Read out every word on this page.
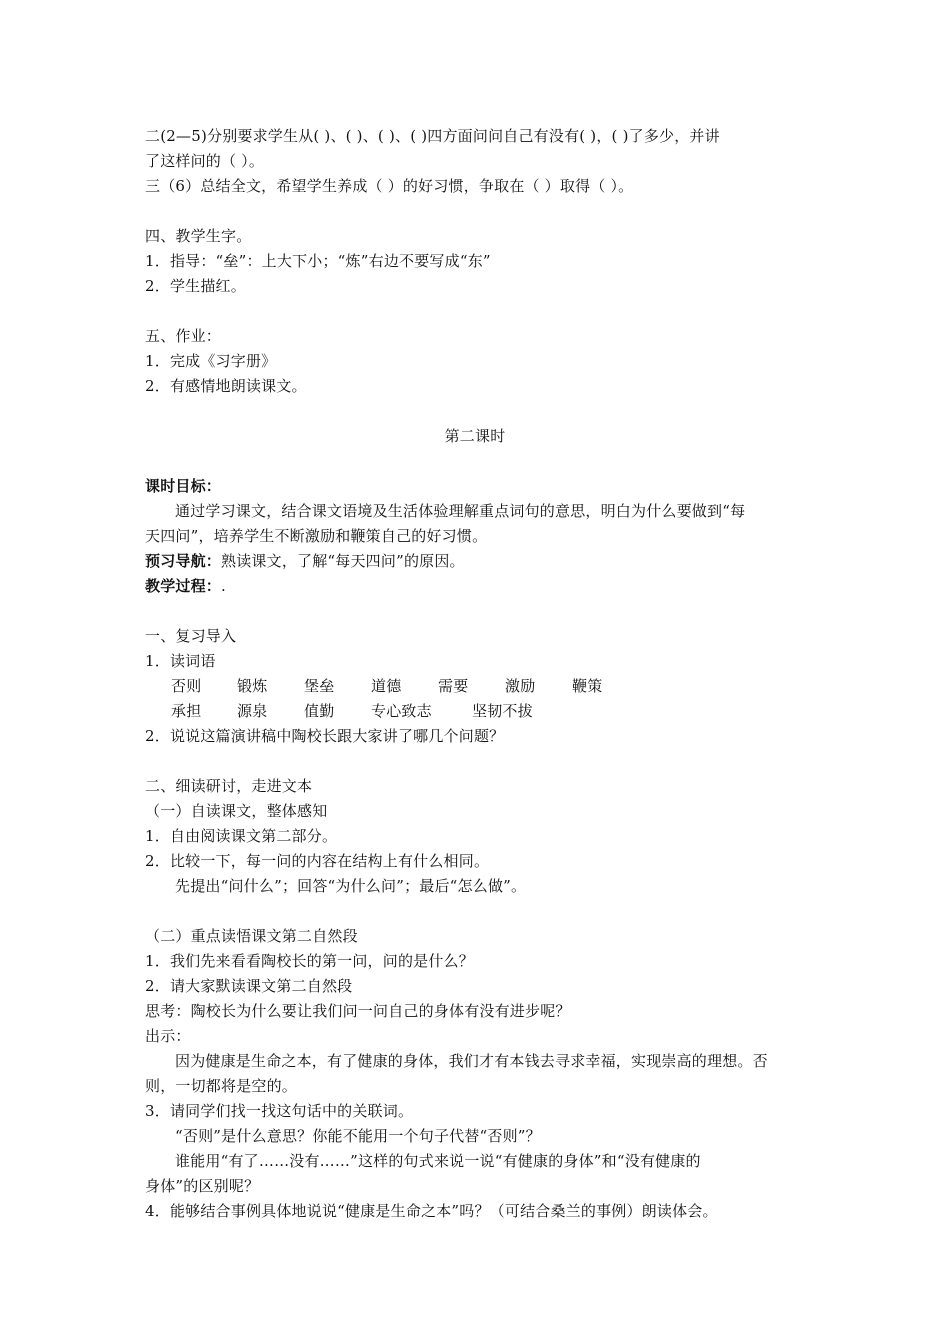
二(2—5)分别要求学生从( )、( )、( )、( )四方面问问自己有没有( )，( )了多少，并讲
了这样问的（ ）。
三（6）总结全文，希望学生养成（ ）的好习惯，争取在（ ）取得（ ）。
四、教学生字。
1．指导：“垒”：上大下小；“炼”右边不要写成“东”
2．学生描红。
五、作业：
1．完成《习字册》
2．有感情地朗读课文。
第二课时
课时目标：
通过学习课文，结合课文语境及生活体验理解重点词句的意思，明白为什么要做到“每
天四问”，培养学生不断激励和鞭策自己的好习惯。
预习导航：熟读课文，了解“每天四问”的原因。
教学过程：.
一、复习导入
1．读词语
否则 锻炼 堡垒 道德 需要 激励 鞭策
承担 源泉 值勤 专心致志	坚韧不拔
2．说说这篇演讲稿中陶校长跟大家讲了哪几个问题？
二、细读研讨，走进文本
（一）自读课文，整体感知
1．自由阅读课文第二部分。
2．比较一下，每一问的内容在结构上有什么相同。
先提出“问什么”；回答“为什么问”；最后“怎么做”。
（二）重点读悟课文第二自然段
1．我们先来看看陶校长的第一问，问的是什么？
2．请大家默读课文第二自然段
思考：陶校长为什么要让我们问一问自己的身体有没有进步呢？
出示：
因为健康是生命之本，有了健康的身体，我们才有本钱去寻求幸福，实现崇高的理想。否
则，一切都将是空的。
3．请同学们找一找这句话中的关联词。
“否则”是什么意思？你能不能用一个句子代替“否则”？
谁能用“有了……没有……”这样的句式来说一说“有健康的身体”和“没有健康的
身体”的区别呢？
4．能够结合事例具体地说说“健康是生命之本”吗？（可结合桑兰的事例）朗读体会。
